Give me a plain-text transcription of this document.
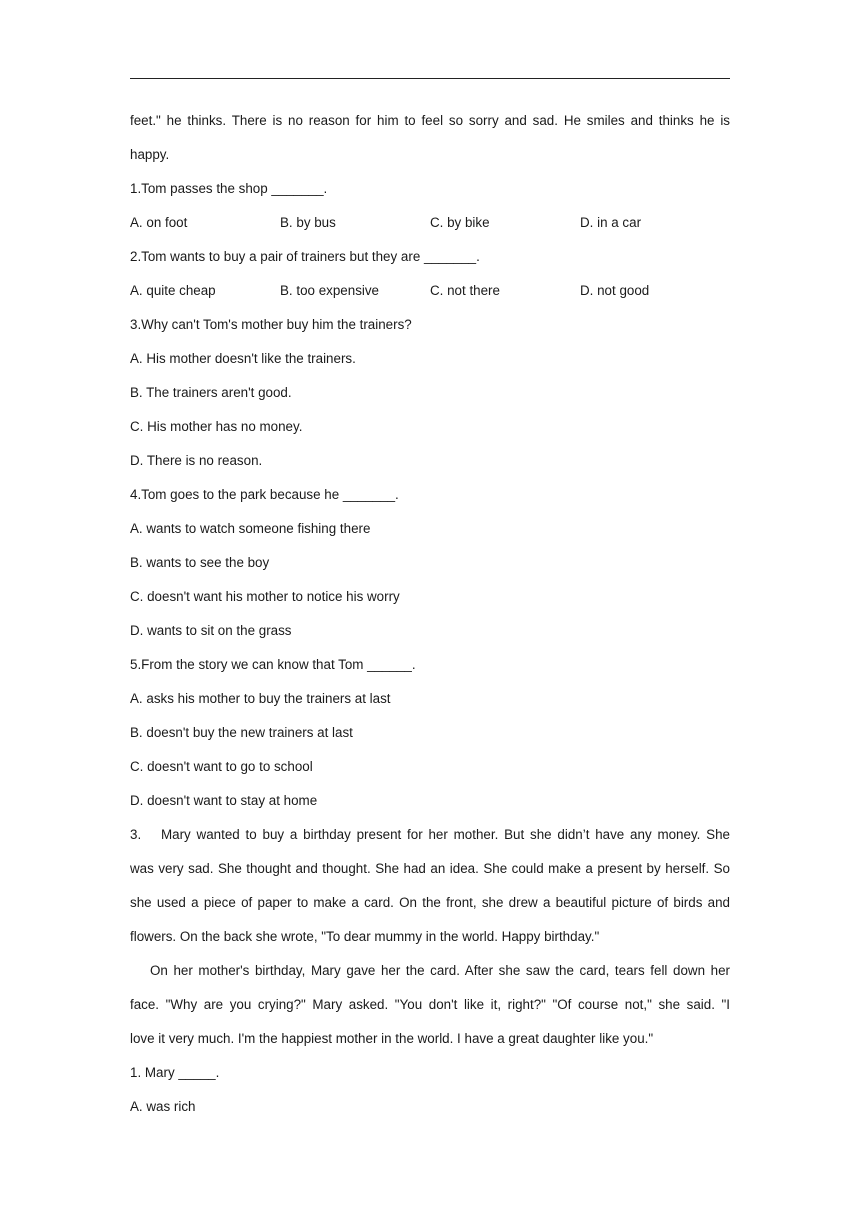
feet." he thinks. There is no reason for him to feel so sorry and sad. He smiles and thinks he is
happy.
1.Tom passes the shop _______.
A. on foot	B. by bus	C. by bike	D. in a car
2.Tom wants to buy a pair of trainers but they are _______.
A. quite cheap	B. too expensive	C. not there	D. not good
3.Why can't Tom's mother buy him the trainers?
A. His mother doesn't like the trainers.
B. The trainers aren't good.
C. His mother has no money.
D. There is no reason.
4.Tom goes to the park because he _______.
A. wants to watch someone fishing there
B. wants to see the boy
C. doesn't want his mother to notice his worry
D. wants to sit on the grass
5.From the story we can know that Tom ______.
A. asks his mother to buy the trainers at last
B. doesn't buy the new trainers at last
C. doesn't want to go to school
D. doesn't want to stay at home
3.	Mary wanted to buy a birthday present for her mother. But she didn’t have any money. She
was very sad. She thought and thought. She had an idea. She could make a present by herself. So
she used a piece of paper to make a card. On the front, she drew a beautiful picture of birds and
flowers. On the back she wrote, "To dear mummy in the world. Happy birthday."
On her mother's birthday, Mary gave her the card. After she saw the card, tears fell down her
face. "Why are you crying?" Mary asked. "You don't like it, right?" "Of course not," she said. "I
love it very much. I'm the happiest mother in the world. I have a great daughter like you."
1. Mary _____.
A. was rich
